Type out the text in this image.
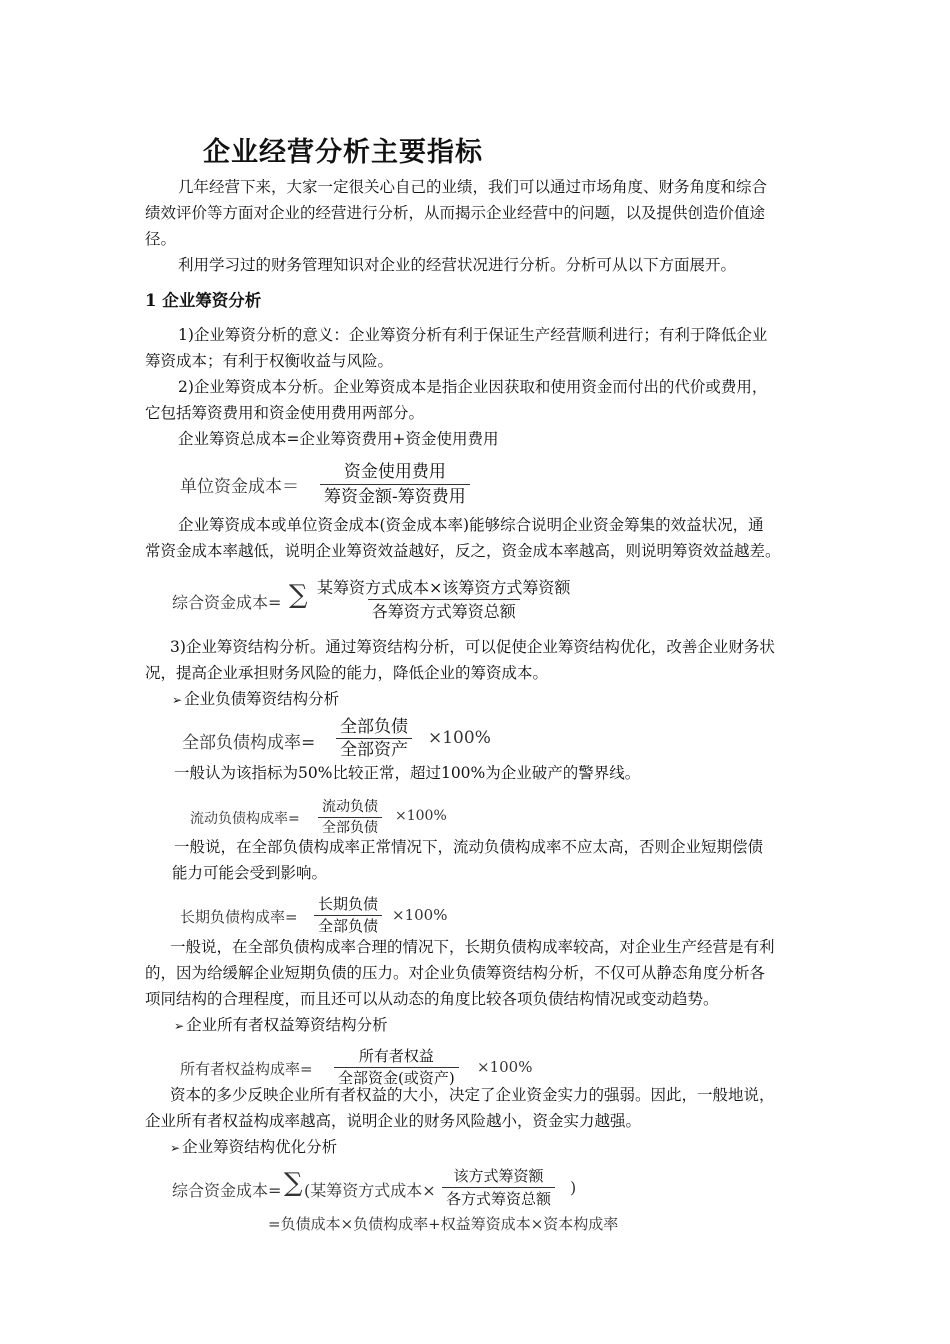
企业经营分析主要指标
几年经营下来，大家一定很关心自己的业绩，我们可以通过市场角度、财务角度和综合
绩效评价等方面对企业的经营进行分析，从而揭示企业经营中的问题，以及提供创造价值途
径。
利用学习过的财务管理知识对企业的经营状况进行分析。分析可从以下方面展开。
1 企业筹资分析
1)企业筹资分析的意义：企业筹资分析有利于保证生产经营顺利进行；有利于降低企业
筹资成本；有利于权衡收益与风险。
2)企业筹资成本分析。企业筹资成本是指企业因获取和使用资金而付出的代价或费用，
它包括筹资费用和资金使用费用两部分。
企业筹资总成本=企业筹资费用+资金使用费用
单位资金成本＝
资金使用费用
筹资金额-筹资费用
企业筹资成本或单位资金成本(资金成本率)能够综合说明企业资金筹集的效益状况，通
常资金成本率越低，说明企业筹资效益越好，反之，资金成本率越高，则说明筹资效益越差。
综合资金成本= ∑ 某筹资方式成本×该筹资方式筹资额
各筹资方式筹资总额
3)企业筹资结构分析。通过筹资结构分析，可以促使企业筹资结构优化，改善企业财务状
况，提高企业承担财务风险的能力，降低企业的筹资成本。
➢ 企业负债筹资结构分析
全部负债构成率=
全部负债
全部资产
×100%
一般认为该指标为50%比较正常，超过100%为企业破产的警界线。
流动负债构成率=
流动负债
全部负债
×100%
一般说，在全部负债构成率正常情况下，流动负债构成率不应太高，否则企业短期偿债
能力可能会受到影响。
长期负债构成率=
长期负债
全部负债
×100%
一般说，在全部负债构成率合理的情况下，长期负债构成率较高，对企业生产经营是有利
的，因为给缓解企业短期负债的压力。对企业负债筹资结构分析，不仅可从静态角度分析各
项同结构的合理程度，而且还可以从动态的角度比较各项负债结构情况或变动趋势。
➢ 企业所有者权益筹资结构分析
所有者权益构成率=
所有者权益
全部资金(或资产)
×100%
资本的多少反映企业所有者权益的大小，决定了企业资金实力的强弱。因此，一般地说，
企业所有者权益构成率越高，说明企业的财务风险越小，资金实力越强。
➢ 企业筹资结构优化分析
综合资金成本= ∑ (某筹资方式成本×
该方式筹资额
各方式筹资总额
)
=负债成本×负债构成率+权益筹资成本×资本构成率
